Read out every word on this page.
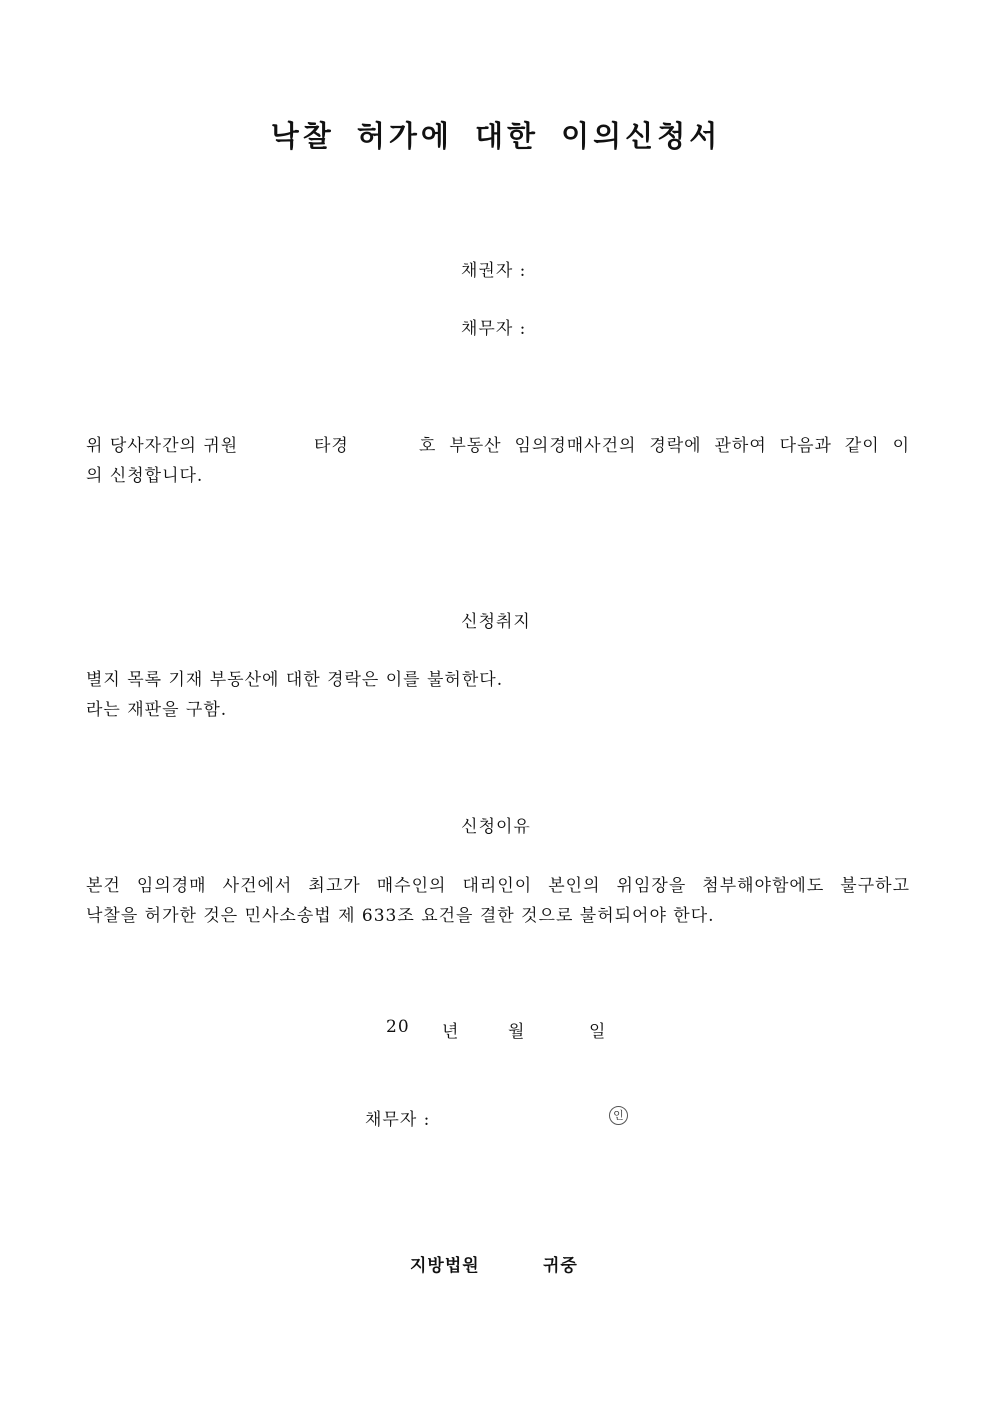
낙찰 허가에 대한 이의신청서
채권자 :
채무자 :
위 당사자간의 귀원	타경	호 부동산 임의경매사건의 경락에 관하여 다음과 같이 이
의 신청합니다.
신청취지
별지 목록 기재 부동산에 대한 경락은 이를 불허한다.
라는 재판을 구함.
신청이유
본건 임의경매 사건에서 최고가 매수인의 대리인이 본인의 위임장을 첨부해야함에도 불구하고
낙찰을 허가한 것은 민사소송법 제 633조 요건을 결한 것으로 불허되어야 한다.
20 년	월	일
채무자 :	인
지방법원	귀중
